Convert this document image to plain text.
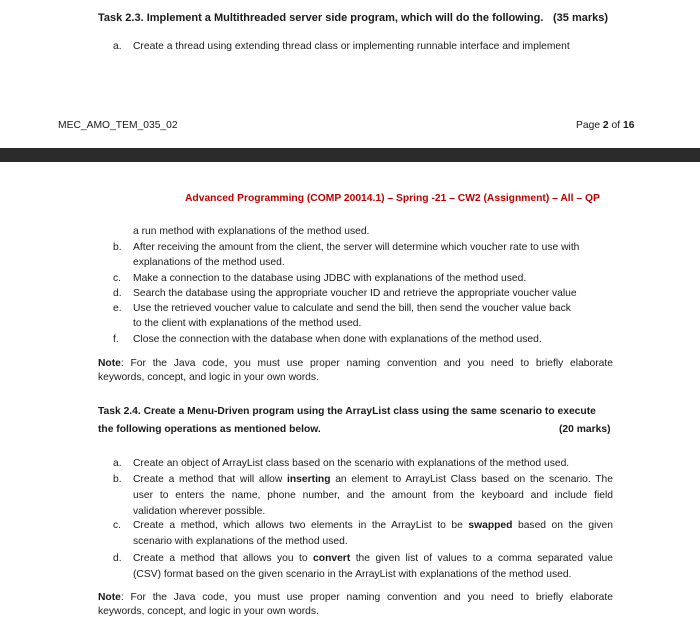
Task 2.3. Implement a Multithreaded server side program, which will do the following. (35 marks)
a.	Create a thread using extending thread class or implementing runnable interface and implement
MEC_AMO_TEM_035_02	Page 2 of 16
Advanced Programming (COMP 20014.1) – Spring -21 – CW2 (Assignment) – All – QP
a run method with explanations of the method used.
b.	After receiving the amount from the client, the server will determine which voucher rate to use with
explanations of the method used.
c.	Make a connection to the database using JDBC with explanations of the method used.
d.	Search the database using the appropriate voucher ID and retrieve the appropriate voucher value
e.	Use the retrieved voucher value to calculate and send the bill, then send the voucher value back
to the client with explanations of the method used.
f.	Close the connection with the database when done with explanations of the method used.
Note: For the Java code, you must use proper naming convention and you need to briefly elaborate
keywords, concept, and logic in your own words.
Task 2.4. Create a Menu-Driven program using the ArrayList class using the same scenario to execute
the following operations as mentioned below.	(20 marks)
a.	Create an object of ArrayList class based on the scenario with explanations of the method used.
b.	Create a method that will allow inserting an element to ArrayList Class based on the scenario. The
user to enters the name, phone number, and the amount from the keyboard and include field
validation wherever possible.
c.	Create a method, which allows two elements in the ArrayList to be swapped based on the given
scenario with explanations of the method used.
d.	Create a method that allows you to convert the given list of values to a comma separated value
(CSV) format based on the given scenario in the ArrayList with explanations of the method used.
Note: For the Java code, you must use proper naming convention and you need to briefly elaborate
keywords, concept, and logic in your own words.
